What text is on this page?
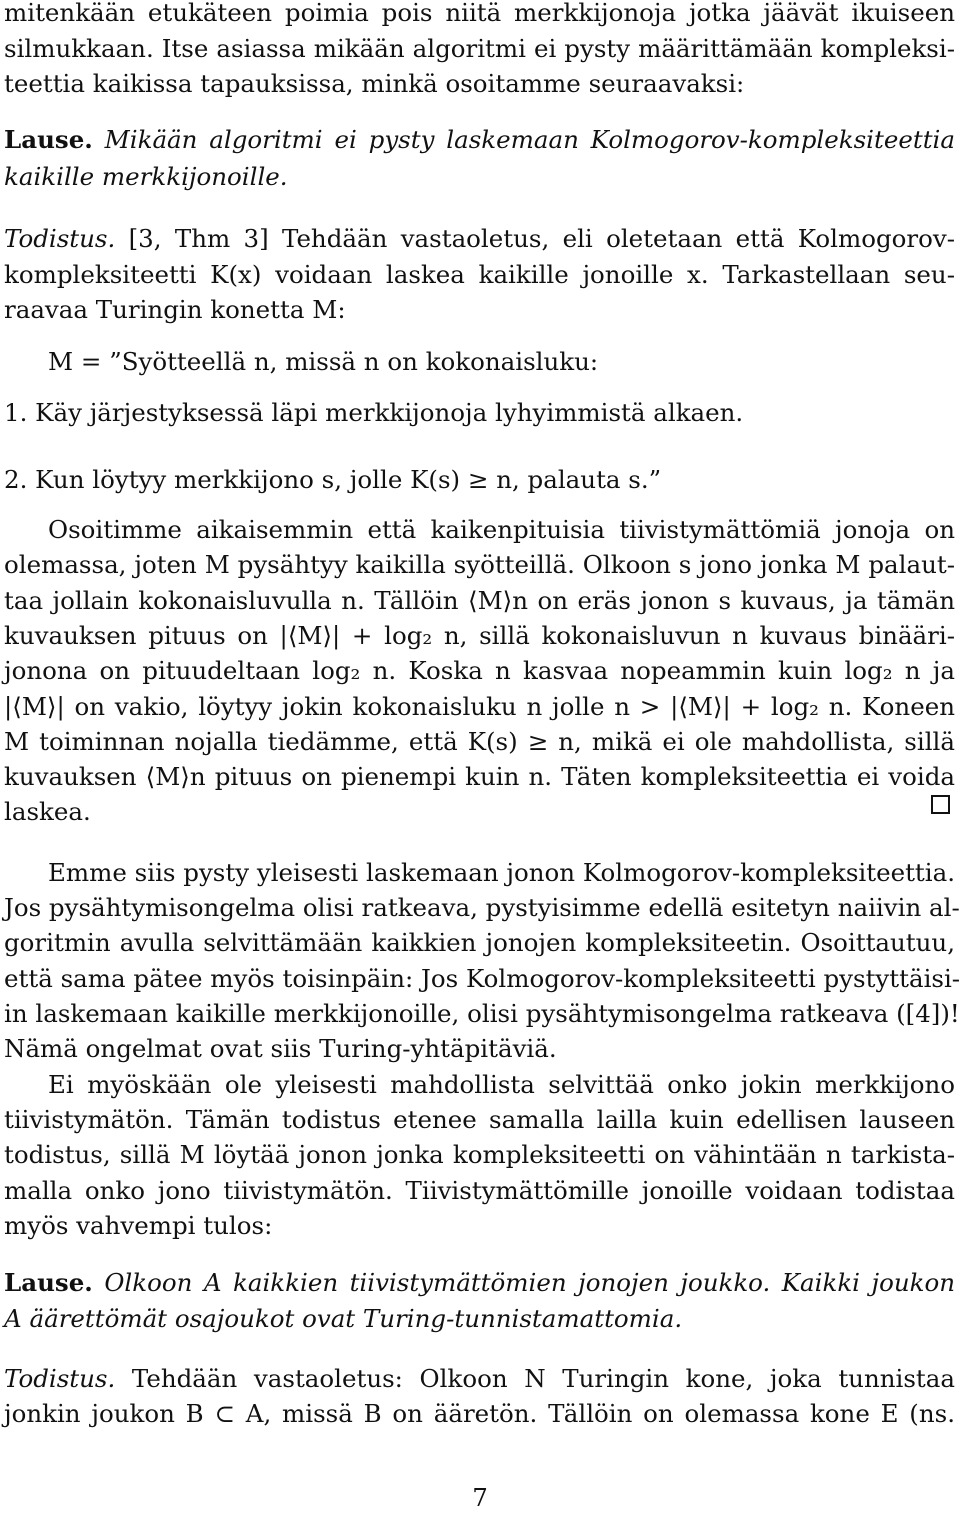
mitenkään etukäteen poimia pois niitä merkkijonoja jotka jäävät ikuiseen
silmukkaan. Itse asiassa mikään algoritmi ei pysty määrittämään kompleksi-
teettia kaikissa tapauksissa, minkä osoitamme seuraavaksi:
Lause. Mikään algoritmi ei pysty laskemaan Kolmogorov-kompleksiteettia
kaikille merkkijonoille.
Todistus. [3, Thm 3] Tehdään vastaoletus, eli oletetaan että Kolmogorov-
kompleksiteetti K(x) voidaan laskea kaikille jonoille x. Tarkastellaan seu-
raavaa Turingin konetta M:
M = ”Syötteellä n, missä n on kokonaisluku:
1. Käy järjestyksessä läpi merkkijonoja lyhyimmistä alkaen.
2. Kun löytyy merkkijono s, jolle K(s) ≥ n, palauta s.”
Osoitimme aikaisemmin että kaikenpituisia tiivistymättömiä jonoja on
olemassa, joten M pysähtyy kaikilla syötteillä. Olkoon s jono jonka M palaut-
taa jollain kokonaisluvulla n. Tällöin ⟨M⟩n on eräs jonon s kuvaus, ja tämän
kuvauksen pituus on |⟨M⟩| + log₂ n, sillä kokonaisluvun n kuvaus binääri-
jonona on pituudeltaan log₂ n. Koska n kasvaa nopeammin kuin log₂ n ja
|⟨M⟩| on vakio, löytyy jokin kokonaisluku n jolle n > |⟨M⟩| + log₂ n. Koneen
M toiminnan nojalla tiedämme, että K(s) ≥ n, mikä ei ole mahdollista, sillä
kuvauksen ⟨M⟩n pituus on pienempi kuin n. Täten kompleksiteettia ei voida
laskea.
Emme siis pysty yleisesti laskemaan jonon Kolmogorov-kompleksiteettia.
Jos pysähtymisongelma olisi ratkeava, pystyisimme edellä esitetyn naiivin al-
goritmin avulla selvittämään kaikkien jonojen kompleksiteetin. Osoittautuu,
että sama pätee myös toisinpäin: Jos Kolmogorov-kompleksiteetti pystyttäisi-
in laskemaan kaikille merkkijonoille, olisi pysähtymisongelma ratkeava ([4])!
Nämä ongelmat ovat siis Turing-yhtäpitäviä.
Ei myöskään ole yleisesti mahdollista selvittää onko jokin merkkijono
tiivistymätön. Tämän todistus etenee samalla lailla kuin edellisen lauseen
todistus, sillä M löytää jonon jonka kompleksiteetti on vähintään n tarkista-
malla onko jono tiivistymätön. Tiivistymättömille jonoille voidaan todistaa
myös vahvempi tulos:
Lause. Olkoon A kaikkien tiivistymättömien jonojen joukko. Kaikki joukon
A äärettömät osajoukot ovat Turing-tunnistamattomia.
Todistus. Tehdään vastaoletus: Olkoon N Turingin kone, joka tunnistaa
jonkin joukon B ⊂ A, missä B on ääretön. Tällöin on olemassa kone E (ns.
7
